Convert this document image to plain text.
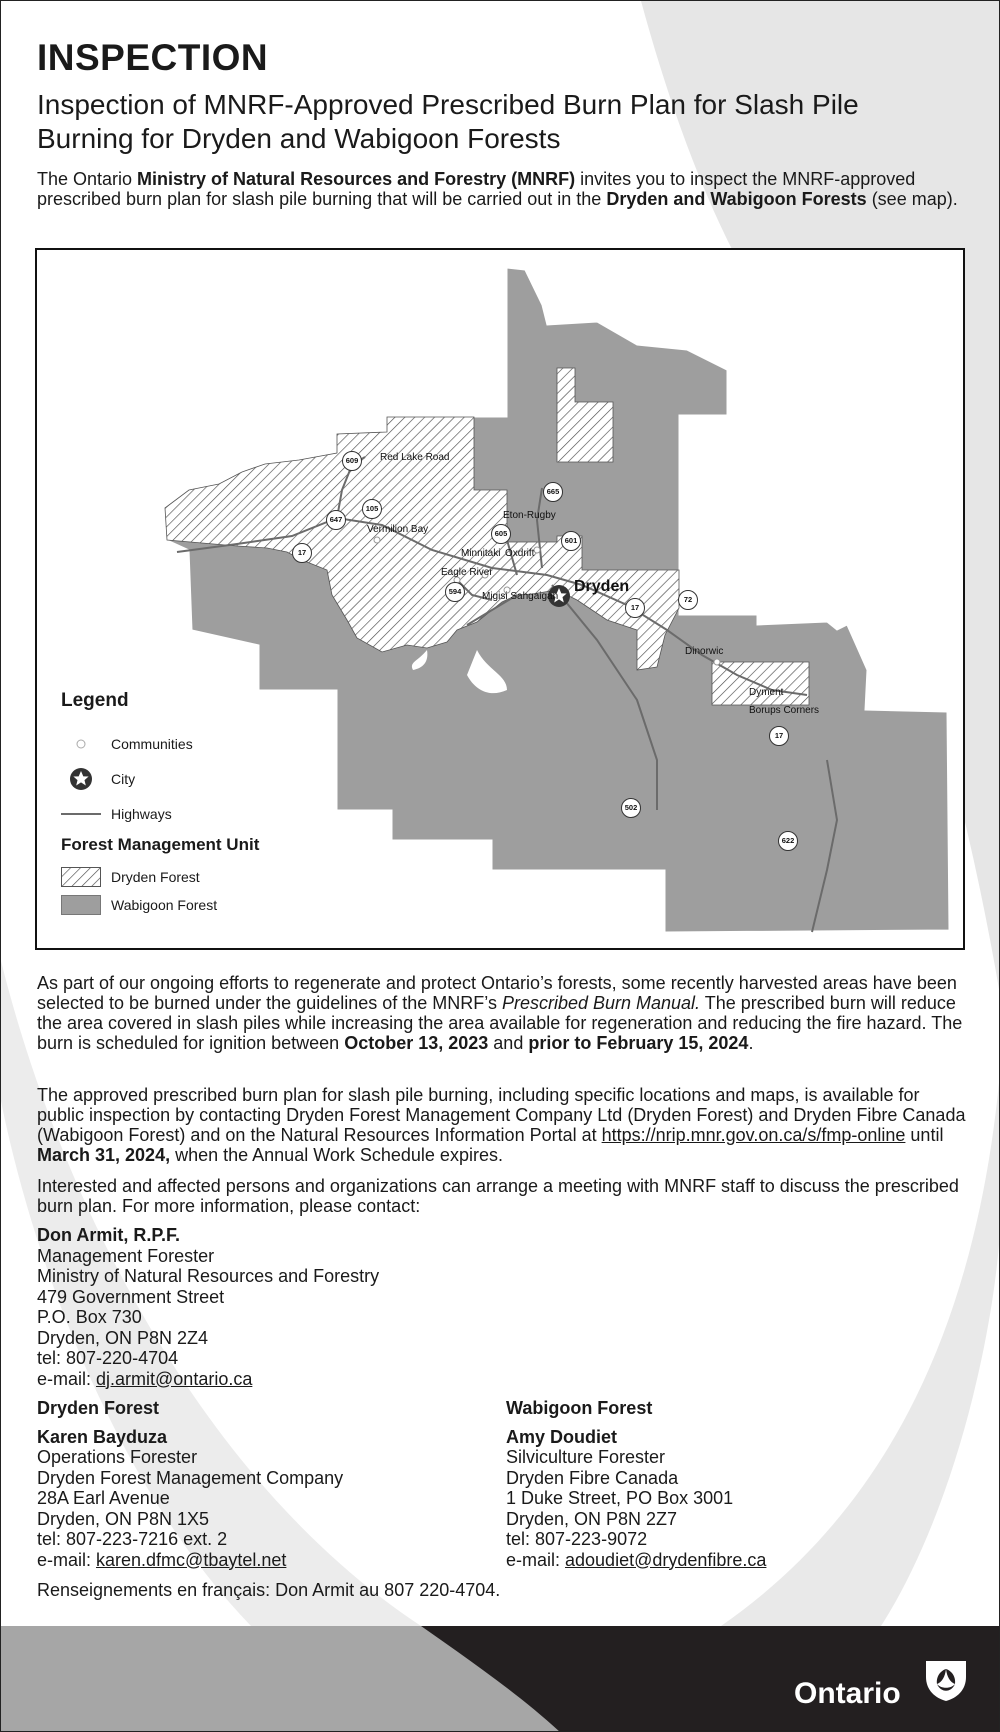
INSPECTION
Inspection of MNRF-Approved Prescribed Burn Plan for Slash Pile Burning for Dryden and Wabigoon Forests
The Ontario Ministry of Natural Resources and Forestry (MNRF) invites you to inspect the MNRF-approved prescribed burn plan for slash pile burning that will be carried out in the Dryden and Wabigoon Forests (see map).
Red Lake Road
Eton-Rugby
Vermilion Bay
Minnitaki Oxdrift
Eagle River
Migisi Sahgaigan
Dinorwic
Dyment
Borups Corners
Dryden
609
665
105
647
605
601
17
594
72
17
502
622
17
Legend
Communities
City
Highways
Forest Management Unit
Dryden Forest
Wabigoon Forest
As part of our ongoing efforts to regenerate and protect Ontario’s forests, some recently harvested areas have been selected to be burned under the guidelines of the MNRF’s Prescribed Burn Manual. The prescribed burn will reduce the area covered in slash piles while increasing the area available for regeneration and reducing the fire hazard. The burn is scheduled for ignition between October 13, 2023 and prior to February 15, 2024.
The approved prescribed burn plan for slash pile burning, including specific locations and maps, is available for public inspection by contacting Dryden Forest Management Company Ltd (Dryden Forest) and Dryden Fibre Canada (Wabigoon Forest) and on the Natural Resources Information Portal at https://nrip.mnr.gov.on.ca/s/fmp-online until March 31, 2024, when the Annual Work Schedule expires.
Interested and affected persons and organizations can arrange a meeting with MNRF staff to discuss the prescribed burn plan. For more information, please contact:
Don Armit, R.P.F.
Management Forester
Ministry of Natural Resources and Forestry
479 Government Street
P.O. Box 730
Dryden, ON P8N 2Z4
tel: 807-220-4704
e-mail: dj.armit@ontario.ca
Dryden Forest
Karen Bayduza
Operations Forester
Dryden Forest Management Company
28A Earl Avenue
Dryden, ON P8N 1X5
tel: 807-223-7216 ext. 2
e-mail: karen.dfmc@tbaytel.net
Wabigoon Forest
Amy Doudiet
Silviculture Forester
Dryden Fibre Canada
1 Duke Street, PO Box 3001
Dryden, ON P8N 2Z7
tel: 807-223-9072
e-mail: adoudiet@drydenfibre.ca
Renseignements en français: Don Armit au 807 220-4704.
Ontario
